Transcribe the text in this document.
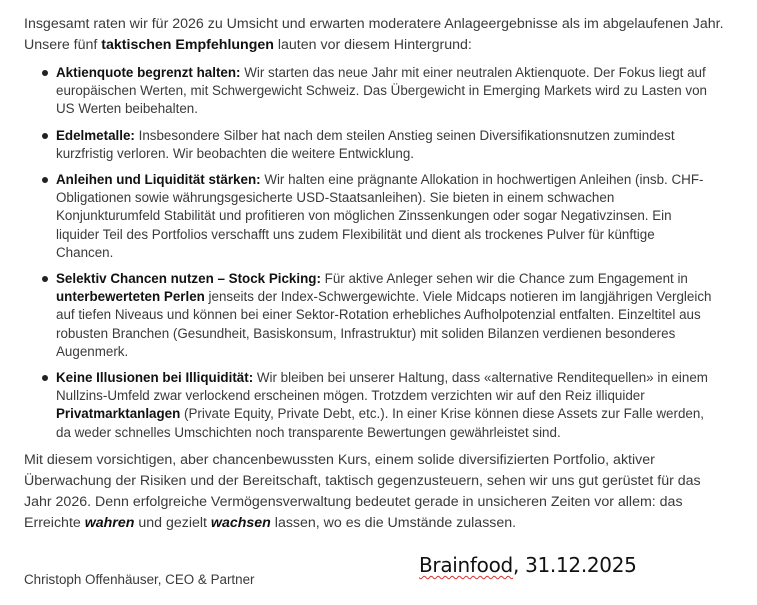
Insgesamt raten wir für 2026 zu Umsicht und erwarten moderatere Anlageergebnisse als im abgelaufenen Jahr. Unsere fünf taktischen Empfehlungen lauten vor diesem Hintergrund:

Aktienquote begrenzt halten: Wir starten das neue Jahr mit einer neutralen Aktienquote. Der Fokus liegt auf europäischen Werten, mit Schwergewicht Schweiz. Das Übergewicht in Emerging Markets wird zu Lasten von US Werten beibehalten.
Edelmetalle: Insbesondere Silber hat nach dem steilen Anstieg seinen Diversifikationsnutzen zumindest kurzfristig verloren. Wir beobachten die weitere Entwicklung.
Anleihen und Liquidität stärken: Wir halten eine prägnante Allokation in hochwertigen Anleihen (insb. CHF-Obligationen sowie währungsgesicherte USD-Staatsanleihen). Sie bieten in einem schwachen Konjunkturumfeld Stabilität und profitieren von möglichen Zinssenkungen oder sogar Negativzinsen. Ein liquider Teil des Portfolios verschafft uns zudem Flexibilität und dient als trockenes Pulver für künftige Chancen.
Selektiv Chancen nutzen – Stock Picking: Für aktive Anleger sehen wir die Chance zum Engagement in unterbewerteten Perlen jenseits der Index-Schwergewichte. Viele Midcaps notieren im langjährigen Vergleich auf tiefen Niveaus und können bei einer Sektor-Rotation erhebliches Aufholpotenzial entfalten. Einzeltitel aus robusten Branchen (Gesundheit, Basiskonsum, Infrastruktur) mit soliden Bilanzen verdienen besonderes Augenmerk.
Keine Illusionen bei Illiquidität: Wir bleiben bei unserer Haltung, dass «alternative Renditequellen» in einem Nullzins-Umfeld zwar verlockend erscheinen mögen. Trotzdem verzichten wir auf den Reiz illiquider Privatmarktanlagen (Private Equity, Private Debt, etc.). In einer Krise können diese Assets zur Falle werden, da weder schnelles Umschichten noch transparente Bewertungen gewährleistet sind.

Mit diesem vorsichtigen, aber chancenbewussten Kurs, einem solide diversifizierten Portfolio, aktiver Überwachung der Risiken und der Bereitschaft, taktisch gegenzusteuern, sehen wir uns gut gerüstet für das Jahr 2026. Denn erfolgreiche Vermögensverwaltung bedeutet gerade in unsicheren Zeiten vor allem: das Erreichte wahren und gezielt wachsen lassen, wo es die Umstände zulassen.

Christoph Offenhäuser, CEO & Partner
Brainfood, 31.12.2025
